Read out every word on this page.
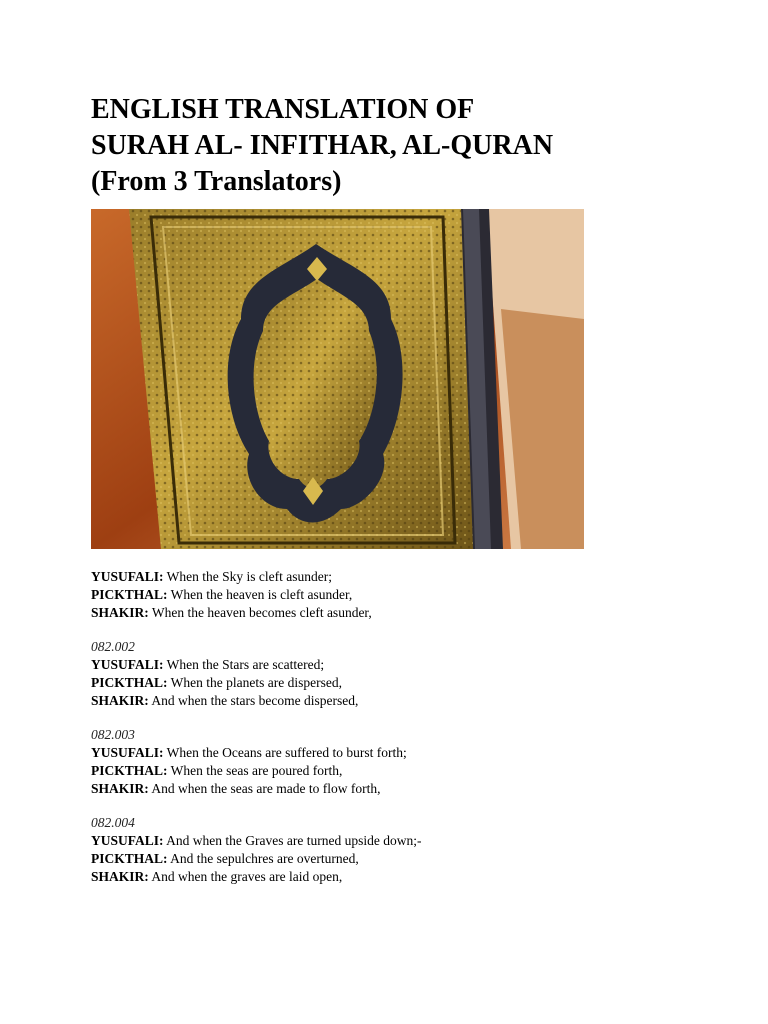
ENGLISH TRANSLATION OF
SURAH AL- INFITHAR, AL-QURAN
(From 3 Translators)
YUSUFALI: When the Sky is cleft asunder;
PICKTHAL: When the heaven is cleft asunder,
SHAKIR: When the heaven becomes cleft asunder,
082.002
YUSUFALI: When the Stars are scattered;
PICKTHAL: When the planets are dispersed,
SHAKIR: And when the stars become dispersed,
082.003
YUSUFALI: When the Oceans are suffered to burst forth;
PICKTHAL: When the seas are poured forth,
SHAKIR: And when the seas are made to flow forth,
082.004
YUSUFALI: And when the Graves are turned upside down;-
PICKTHAL: And the sepulchres are overturned,
SHAKIR: And when the graves are laid open,
